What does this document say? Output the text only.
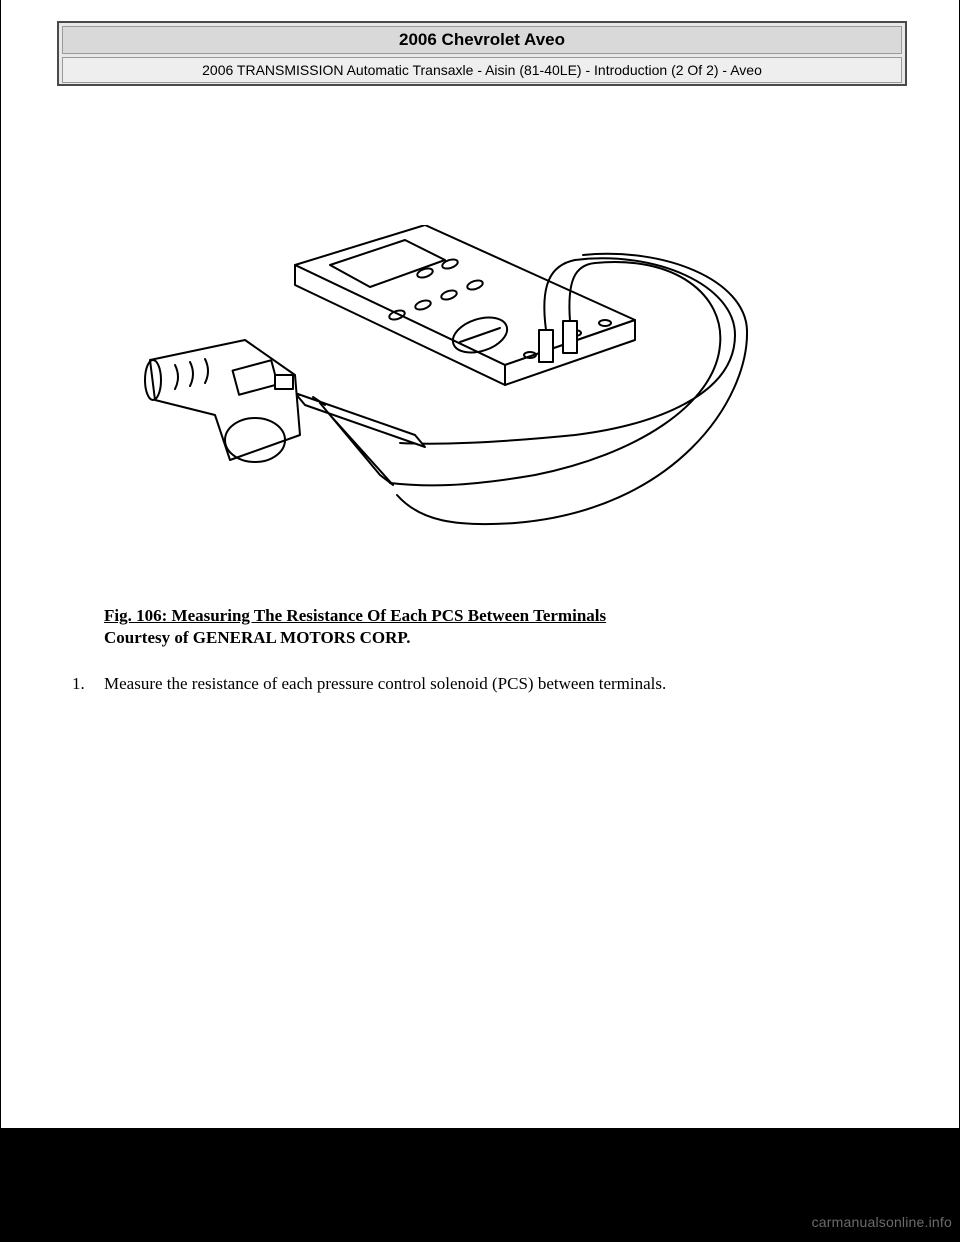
2006 Chevrolet Aveo
2006 TRANSMISSION Automatic Transaxle - Aisin (81-40LE) - Introduction (2 Of 2) - Aveo
Fig. 106: Measuring The Resistance Of Each PCS Between Terminals
Courtesy of GENERAL MOTORS CORP.
1.	Measure the resistance of each pressure control solenoid (PCS) between terminals.
carmanualsonline.info
